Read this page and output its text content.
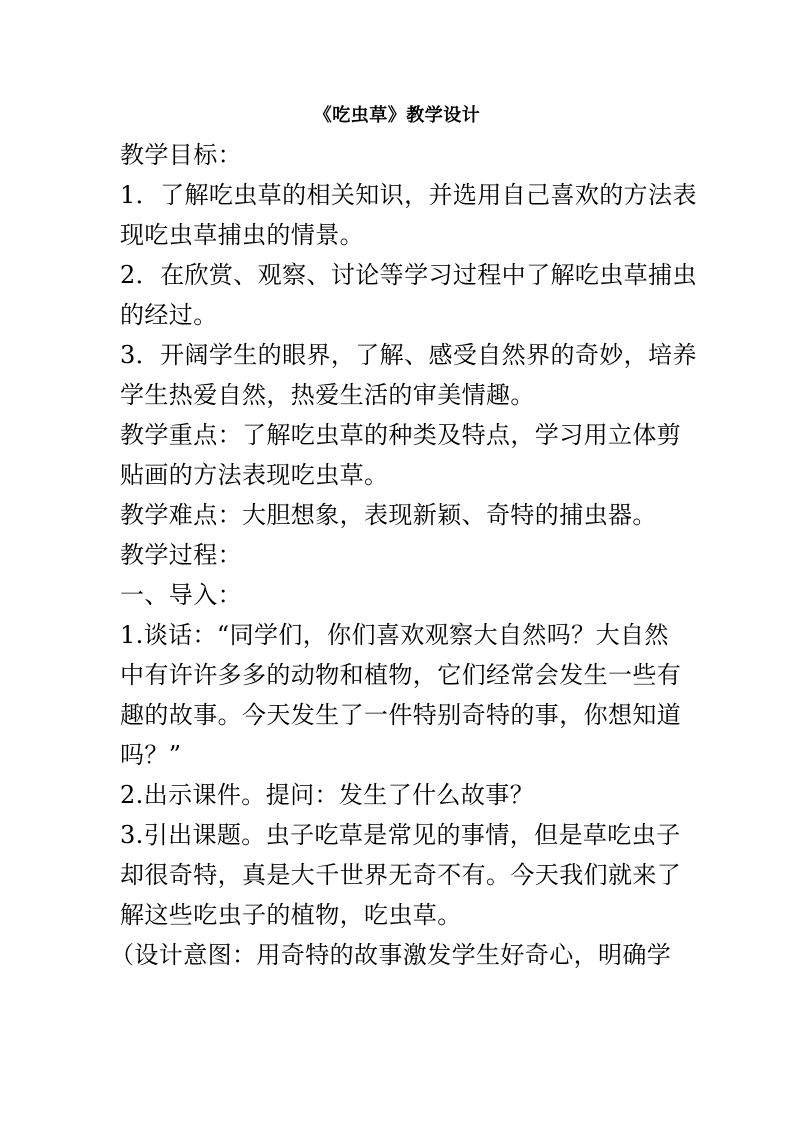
《吃虫草》教学设计
教学目标：
1．了解吃虫草的相关知识，并选用自己喜欢的方法表
现吃虫草捕虫的情景。
2．在欣赏、观察、讨论等学习过程中了解吃虫草捕虫
的经过。
3．开阔学生的眼界，了解、感受自然界的奇妙，培养
学生热爱自然，热爱生活的审美情趣。
教学重点：了解吃虫草的种类及特点，学习用立体剪
贴画的方法表现吃虫草。
教学难点：大胆想象，表现新颖、奇特的捕虫器。
教学过程：
一、导入：
1.谈话：“同学们，你们喜欢观察大自然吗？大自然
中有许许多多的动物和植物，它们经常会发生一些有
趣的故事。今天发生了一件特别奇特的事，你想知道
吗？”
2.出示课件。提问：发生了什么故事？
3.引出课题。虫子吃草是常见的事情，但是草吃虫子
却很奇特，真是大千世界无奇不有。今天我们就来了
解这些吃虫子的植物，吃虫草。
（设计意图：用奇特的故事激发学生好奇心，明确学
